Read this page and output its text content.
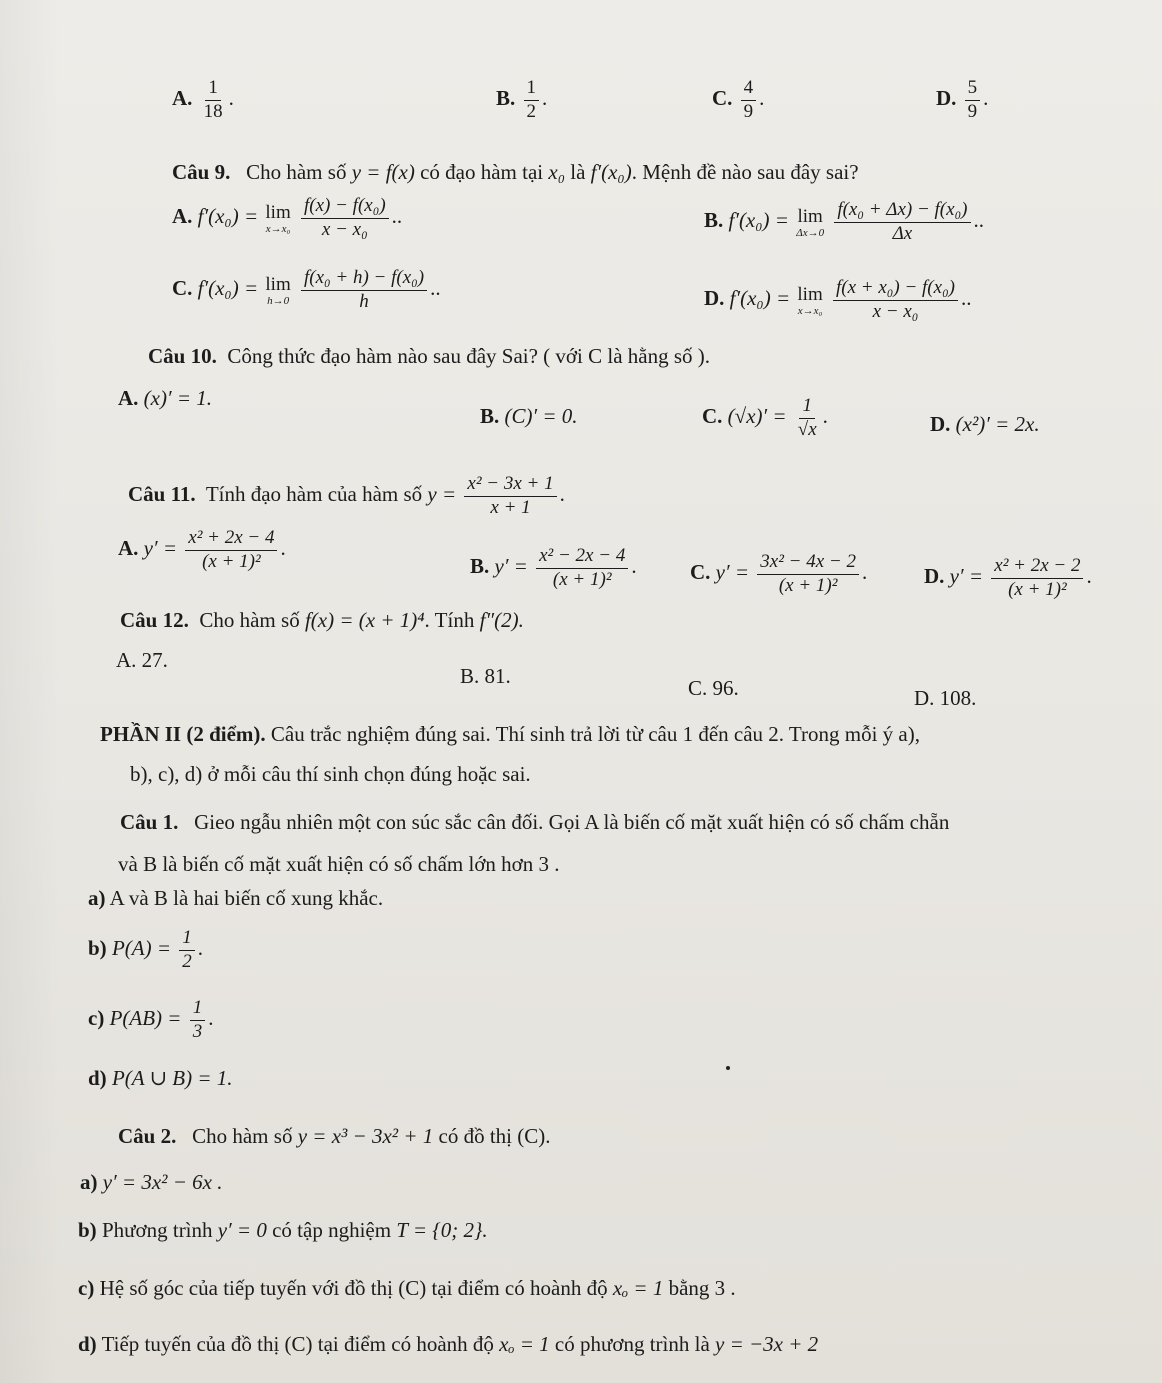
A. $\frac{1}{18}$ .	B. $\frac{1}{2}$ .	C. $\frac{4}{9}$ .	D. $\frac{5}{9}$ .
Câu 9. Cho hàm số y = f(x) có đạo hàm tại x₀ là f′(x₀). Mệnh đề nào sau đây sai?
A. f′(x₀) = lim
x→x₀
$\frac{\text{f(x) − f(x₀)}}{\text{x − x₀}}$ ..	B. f′(x₀) = lim
Δx→0
$\frac{\text{f(x₀ + Δx) − f(x₀)}}{\Delta x}$ ..
C. f′(x₀) = lim
h→0
$\frac{\text{f(x₀ + h) − f(x₀)}}{h}$ ..	D. f′(x₀) = lim
x→x₀
$\frac{\text{f(x + x₀) − f(x₀)}}{\text{x − x₀}}$ ..
Câu 10. Công thức đạo hàm nào sau đây Sai? ( với C là hằng số ).
A. (x)′ = 1.
B. (C)′ = 0.	C. $(√x)' = \frac{1}{√x}$ .	D. (x²)′ = 2x.
Câu 11. Tính đạo hàm của hàm số $y = \frac{\text{x² − 3x + 1}}{x + 1}$ .
A. $y' = \frac{\text{x² + 2x − 4}}{\text{(x + 1)²}}$ .
B. $y' = \frac{\text{x² − 2x − 4}}{\text{(x + 1)²}}$ .	C. $y' = \frac{\text{3x² − 4x − 2}}{\text{(x + 1)²}}$ .	D. $y' = \frac{\text{x² + 2x − 2}}{\text{(x + 1)²}}$ .
Câu 12. Cho hàm số f(x) = (x + 1)⁴. Tính f″(2).
A. 27.
B. 81.	C. 96.	D. 108.
PHẦN II (2 điểm). Câu trắc nghiệm đúng sai. Thí sinh trả lời từ câu 1 đến câu 2. Trong mỗi ý a),
b), c), d) ở mỗi câu thí sinh chọn đúng hoặc sai.
Câu 1. Gieo ngẫu nhiên một con súc sắc cân đối. Gọi A là biến cố mặt xuất hiện có số chấm chẵn
và B là biến cố mặt xuất hiện có số chấm lớn hơn 3 .
a) A và B là hai biến cố xung khắc.
b) $P(A) = \frac{1}{2}$ .
c) $P(AB) = \frac{1}{3}$ .
d) P(A ∪ B) = 1.
Câu 2. Cho hàm số y = x³ − 3x² + 1 có đồ thị (C).
a) y′ = 3x² − 6x .
b) Phương trình y′ = 0 có tập nghiệm T = {0; 2}.
c) Hệ số góc của tiếp tuyến với đồ thị (C) tại điểm có hoành độ xₒ = 1 bằng 3 .
d) Tiếp tuyến của đồ thị (C) tại điểm có hoành độ xₒ = 1 có phương trình là y = −3x + 2
